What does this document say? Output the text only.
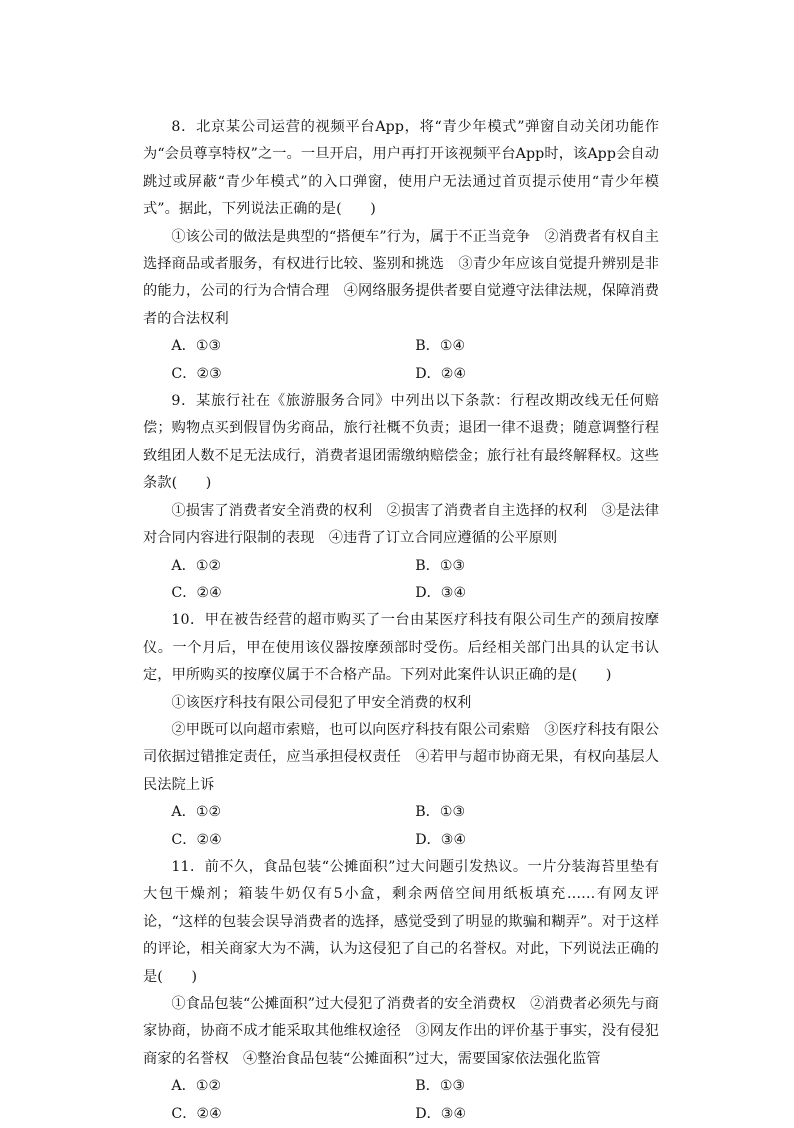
8．北京某公司运营的视频平台App，将“青少年模式”弹窗自动关闭功能作为“会员尊享特权”之一。一旦开启，用户再打开该视频平台App时，该App会自动跳过或屏蔽“青少年模式”的入口弹窗，使用户无法通过首页提示使用“青少年模式”。据此，下列说法正确的是(　　)

①该公司的做法是典型的“搭便车”行为，属于不正当竞争　②消费者有权自主选择商品或者服务，有权进行比较、鉴别和挑选　③青少年应该自觉提升辨别是非的能力，公司的行为合情合理　④网络服务提供者要自觉遵守法律法规，保障消费者的合法权利

A．①③	B．①④
C．②③	D．②④

9．某旅行社在《旅游服务合同》中列出以下条款：行程改期改线无任何赔偿；购物点买到假冒伪劣商品，旅行社概不负责；退团一律不退费；随意调整行程致组团人数不足无法成行，消费者退团需缴纳赔偿金；旅行社有最终解释权。这些条款(　　)

①损害了消费者安全消费的权利　②损害了消费者自主选择的权利　③是法律对合同内容进行限制的表现　④违背了订立合同应遵循的公平原则

A．①②	B．①③
C．②④	D．③④

10．甲在被告经营的超市购买了一台由某医疗科技有限公司生产的颈肩按摩仪。一个月后，甲在使用该仪器按摩颈部时受伤。后经相关部门出具的认定书认定，甲所购买的按摩仪属于不合格产品。下列对此案件认识正确的是(　　)

①该医疗科技有限公司侵犯了甲安全消费的权利

②甲既可以向超市索赔，也可以向医疗科技有限公司索赔　③医疗科技有限公司依据过错推定责任，应当承担侵权责任　④若甲与超市协商无果，有权向基层人民法院上诉

A．①②	B．①③
C．②④	D．③④

11．前不久，食品包装“公摊面积”过大问题引发热议。一片分装海苔里垫有大包干燥剂；箱装牛奶仅有5小盒，剩余两倍空间用纸板填充……有网友评论，“这样的包装会误导消费者的选择，感觉受到了明显的欺骗和糊弄”。对于这样的评论，相关商家大为不满，认为这侵犯了自己的名誉权。对此，下列说法正确的是(　　)

①食品包装“公摊面积”过大侵犯了消费者的安全消费权　②消费者必须先与商家协商，协商不成才能采取其他维权途径　③网友作出的评价基于事实，没有侵犯商家的名誉权　④整治食品包装“公摊面积”过大，需要国家依法强化监管

A．①②	B．①③
C．②④	D．③④
